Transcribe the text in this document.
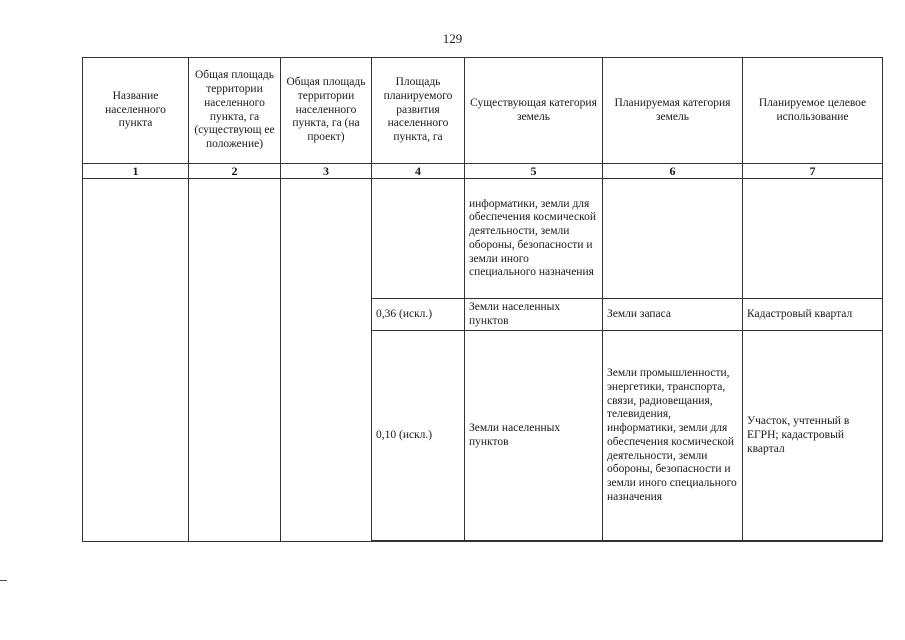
129
Название населенного пункта	Общая площадь территории населенного пункта, га (существующ ее положение)	Общая площадь территории населенного пункта, га (на проект)	Площадь планируемого развития населенного пункта, га	Существующая категория земель	Планируемая категория земель	Планируемое целевое использование
1	2	3	4	5	6	7
				информатики, земли для обеспечения космической деятельности, земли обороны, безопасности и земли иного специального назначения		
			0,36 (искл.)	Земли населенных пунктов	Земли запаса	Кадастровый квартал
			0,10 (искл.)	Земли населенных пунктов	Земли промышленности, энергетики, транспорта, связи, радиовещания, телевидения, информатики, земли для обеспечения космической деятельности, земли обороны, безопасности и земли иного специального назначения	Участок, учтенный в ЕГРН; кадастровый квартал
